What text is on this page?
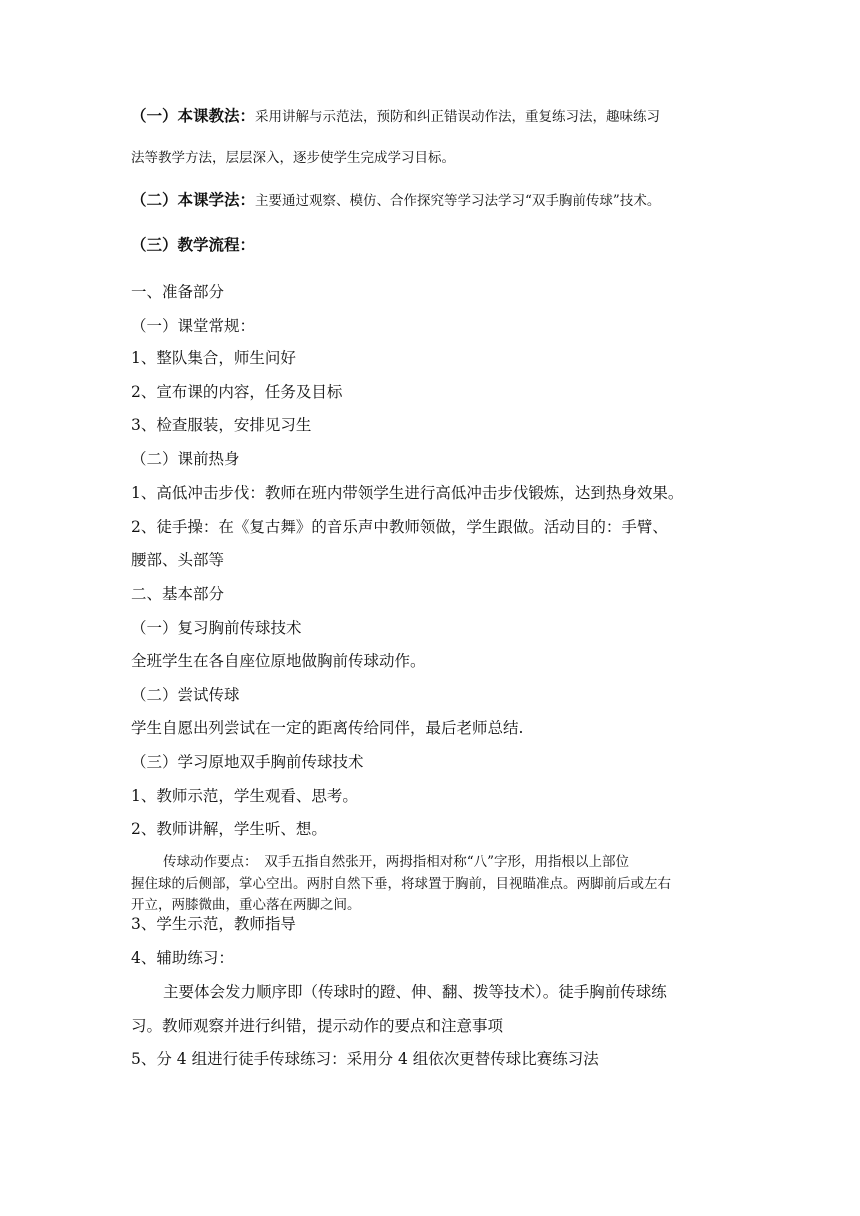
（一）本课教法：采用讲解与示范法，预防和纠正错误动作法，重复练习法，趣味练习
法等教学方法，层层深入，逐步使学生完成学习目标。
（二）本课学法：主要通过观察、模仿、合作探究等学习法学习“双手胸前传球”技术。
（三）教学流程：
一、准备部分
（一）课堂常规：
1、整队集合，师生问好
2、宣布课的内容，任务及目标
3、检查服装，安排见习生
（二）课前热身
1、高低冲击步伐：教师在班内带领学生进行高低冲击步伐锻炼，达到热身效果。
2、徒手操：在《复古舞》的音乐声中教师领做，学生跟做。活动目的：手臂、
腰部、头部等
二、基本部分
（一）复习胸前传球技术
全班学生在各自座位原地做胸前传球动作。
（二）尝试传球
学生自愿出列尝试在一定的距离传给同伴，最后老师总结.
（三）学习原地双手胸前传球技术
1、教师示范，学生观看、思考。
2、教师讲解，学生听、想。
传球动作要点：　双手五指自然张开，两拇指相对称“八”字形，用指根以上部位
握住球的后侧部，掌心空出。两肘自然下垂，将球置于胸前，目视瞄准点。两脚前后或左右
开立，两膝微曲，重心落在两脚之间。
3、学生示范，教师指导
4、辅助练习：
主要体会发力顺序即（传球时的蹬、伸、翻、拨等技术）。徒手胸前传球练
习。教师观察并进行纠错，提示动作的要点和注意事项
5、分 4 组进行徒手传球练习：采用分 4 组依次更替传球比赛练习法
